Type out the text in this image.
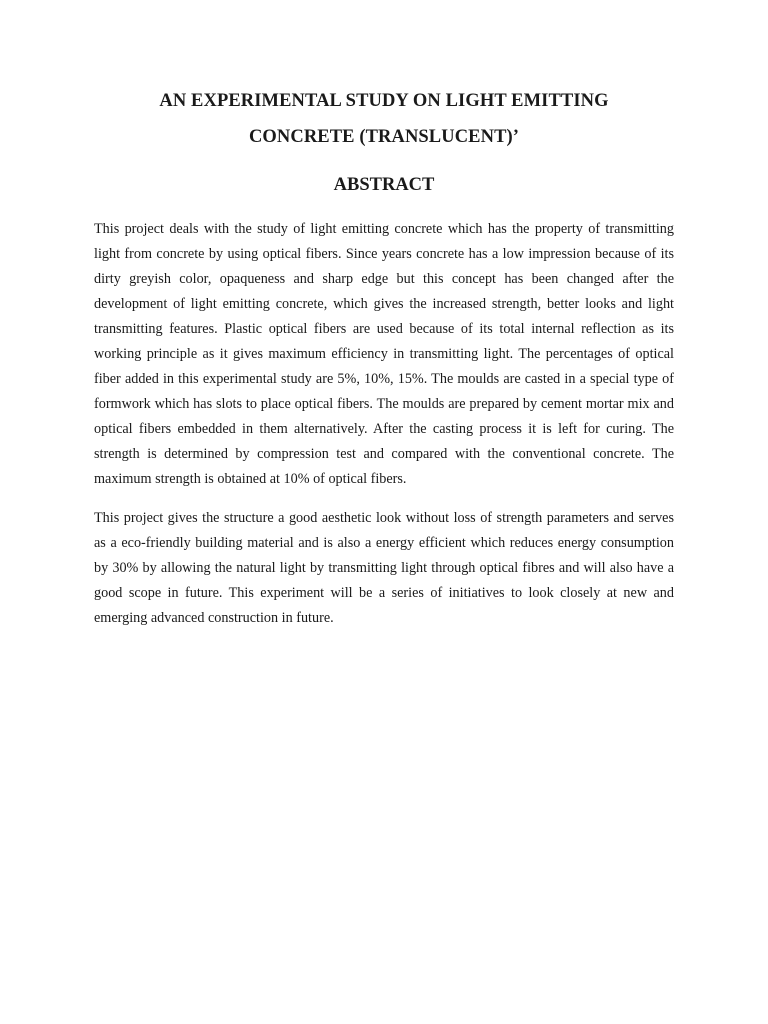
AN EXPERIMENTAL STUDY ON LIGHT EMITTING
CONCRETE (TRANSLUCENT)’
ABSTRACT

This project deals with the study of light emitting concrete which has the property of transmitting light from concrete by using optical fibers. Since years concrete has a low impression because of its dirty greyish color, opaqueness and sharp edge but this concept has been changed after the development of light emitting concrete, which gives the increased strength, better looks and light transmitting features. Plastic optical fibers are used because of its total internal reflection as its working principle as it gives maximum efficiency in transmitting light. The percentages of optical fiber added in this experimental study are 5%, 10%, 15%. The moulds are casted in a special type of formwork which has slots to place optical fibers. The moulds are prepared by cement mortar mix and optical fibers embedded in them alternatively. After the casting process it is left for curing. The strength is determined by compression test and compared with the conventional concrete. The maximum strength is obtained at 10% of optical fibers.

This project gives the structure a good aesthetic look without loss of strength parameters and serves as a eco-friendly building material and is also a energy efficient which reduces energy consumption by 30% by allowing the natural light by transmitting light through optical fibres and will also have a good scope in future. This experiment will be a series of initiatives to look closely at new and emerging advanced construction in future.
